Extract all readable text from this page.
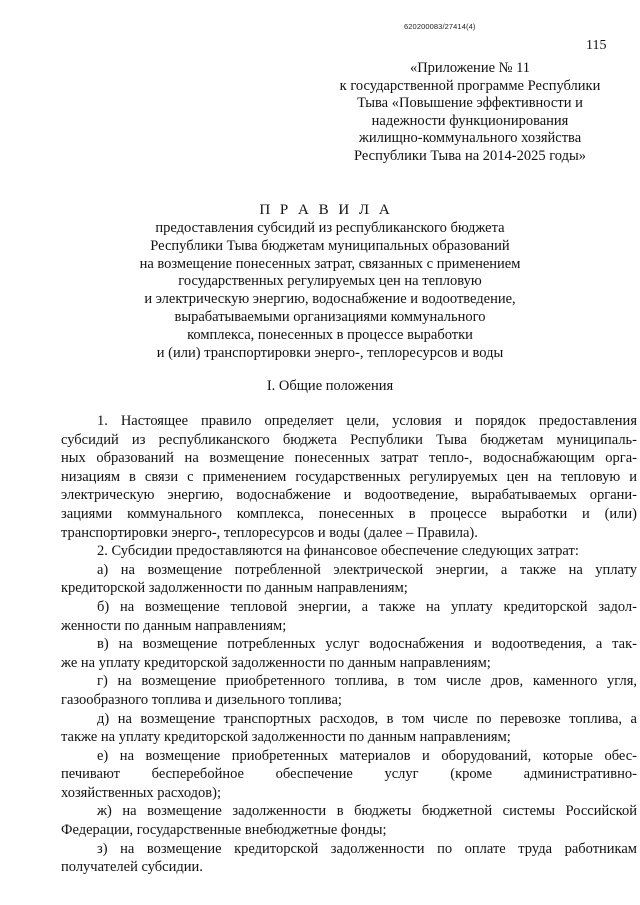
620200083/27414(4)
115
«Приложение № 11
к государственной программе Республики
Тыва «Повышение эффективности и
надежности функционирования
жилищно-коммунального хозяйства
Республики Тыва на 2014-2025 годы»
П Р А В И Л А
предоставления субсидий из республиканского бюджета
Республики Тыва бюджетам муниципальных образований
на возмещение понесенных затрат, связанных с применением
государственных регулируемых цен на тепловую
и электрическую энергию, водоснабжение и водоотведение,
вырабатываемыми организациями коммунального
комплекса, понесенных в процессе выработки
и (или) транспортировки энерго-, теплоресурсов и воды
I. Общие положения
1. Настоящее правило определяет цели, условия и порядок предоставления
субсидий из республиканского бюджета Республики Тыва бюджетам муниципаль-
ных образований на возмещение понесенных затрат тепло-, водоснабжающим орга-
низациям в связи с применением государственных регулируемых цен на тепловую и
электрическую энергию, водоснабжение и водоотведение, вырабатываемых органи-
зациями коммунального комплекса, понесенных в процессе выработки и (или)
транспортировки энерго-, теплоресурсов и воды (далее – Правила).
2. Субсидии предоставляются на финансовое обеспечение следующих затрат:
а) на возмещение потребленной электрической энергии, а также на уплату
кредиторской задолженности по данным направлениям;
б) на возмещение тепловой энергии, а также на уплату кредиторской задол-
женности по данным направлениям;
в) на возмещение потребленных услуг водоснабжения и водоотведения, а так-
же на уплату кредиторской задолженности по данным направлениям;
г) на возмещение приобретенного топлива, в том числе дров, каменного угля,
газообразного топлива и дизельного топлива;
д) на возмещение транспортных расходов, в том числе по перевозке топлива, а
также на уплату кредиторской задолженности по данным направлениям;
е) на возмещение приобретенных материалов и оборудований, которые обес-
печивают бесперебойное обеспечение услуг (кроме административно-
хозяйственных расходов);
ж) на возмещение задолженности в бюджеты бюджетной системы Российской
Федерации, государственные внебюджетные фонды;
з) на возмещение кредиторской задолженности по оплате труда работникам
получателей субсидии.
